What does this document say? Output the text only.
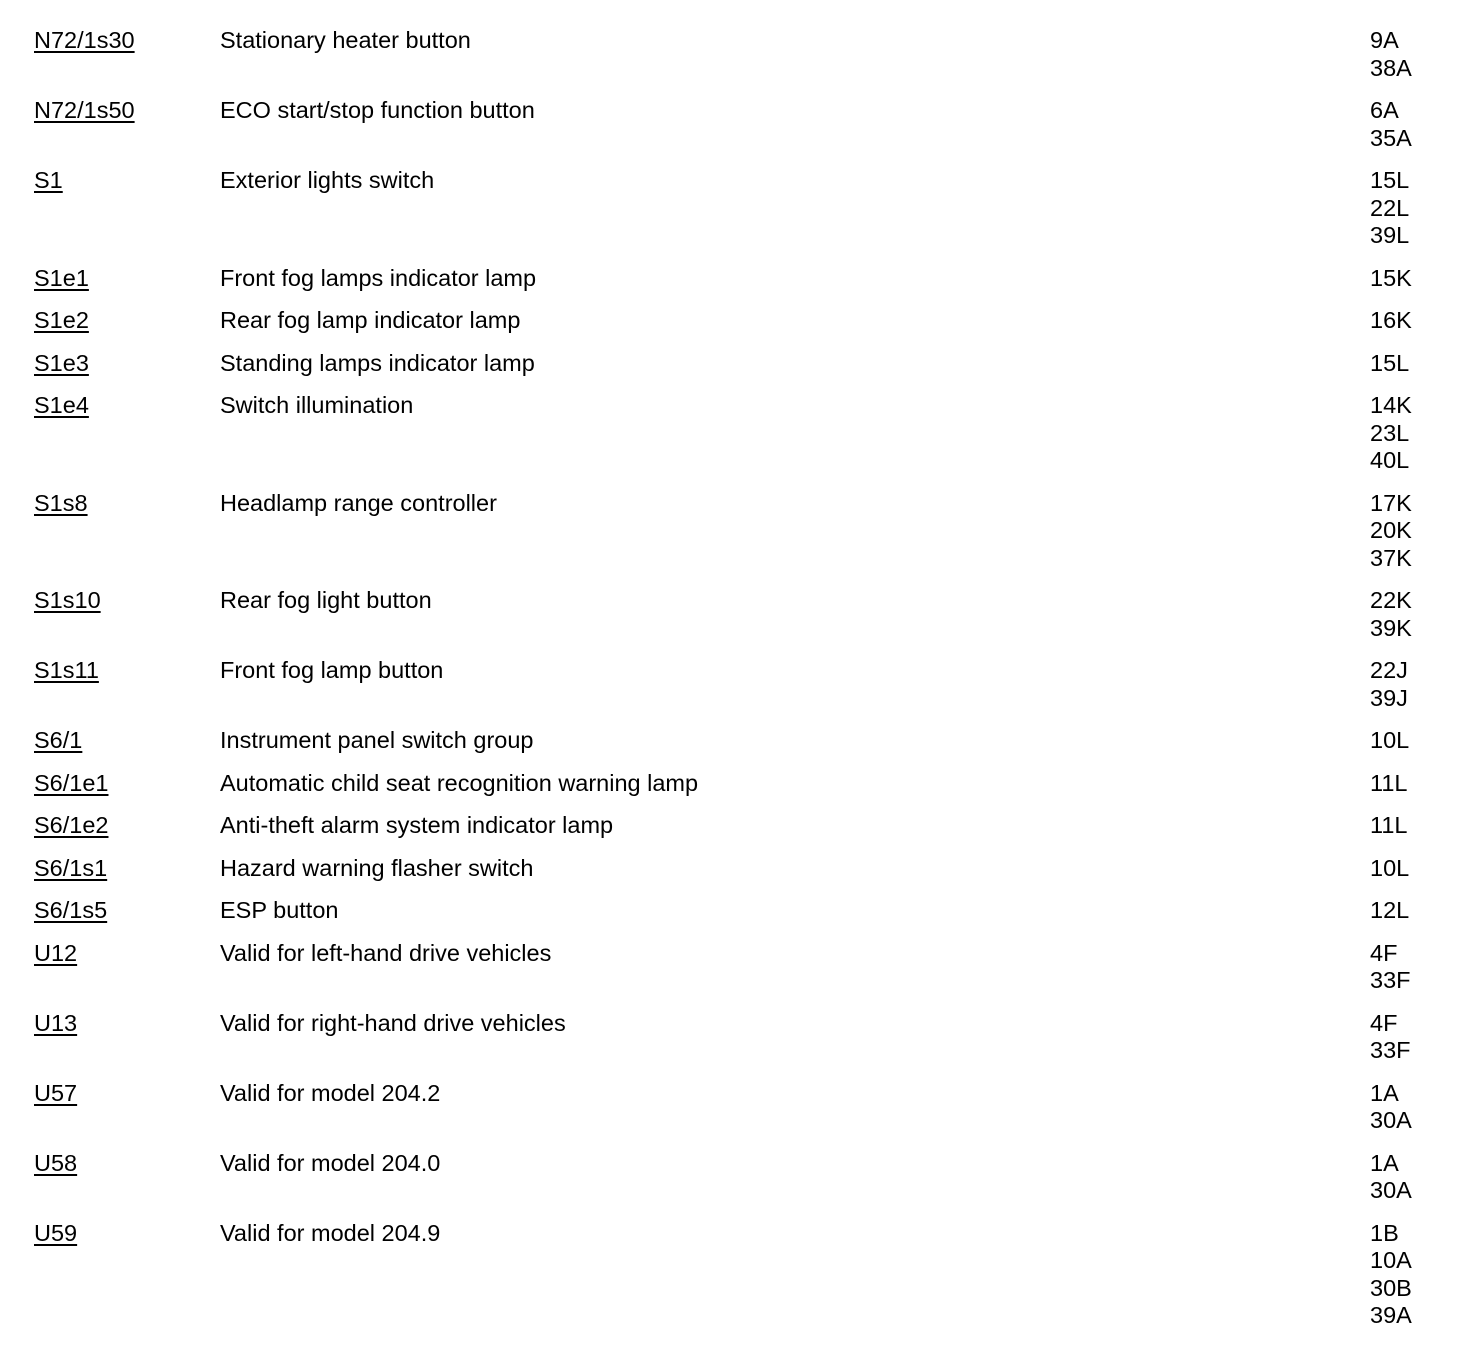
N72/1s30	Stationary heater button	9A
38A
N72/1s50	ECO start/stop function button	6A
35A
S1	Exterior lights switch	15L
22L
39L
S1e1	Front fog lamps indicator lamp	15K
S1e2	Rear fog lamp indicator lamp	16K
S1e3	Standing lamps indicator lamp	15L
S1e4	Switch illumination	14K
23L
40L
S1s8	Headlamp range controller	17K
20K
37K
S1s10	Rear fog light button	22K
39K
S1s11	Front fog lamp button	22J
39J
S6/1	Instrument panel switch group	10L
S6/1e1	Automatic child seat recognition warning lamp	11L
S6/1e2	Anti-theft alarm system indicator lamp	11L
S6/1s1	Hazard warning flasher switch	10L
S6/1s5	ESP button	12L
U12	Valid for left-hand drive vehicles	4F
33F
U13	Valid for right-hand drive vehicles	4F
33F
U57	Valid for model 204.2	1A
30A
U58	Valid for model 204.0	1A
30A
U59	Valid for model 204.9	1B
10A
30B
39A
